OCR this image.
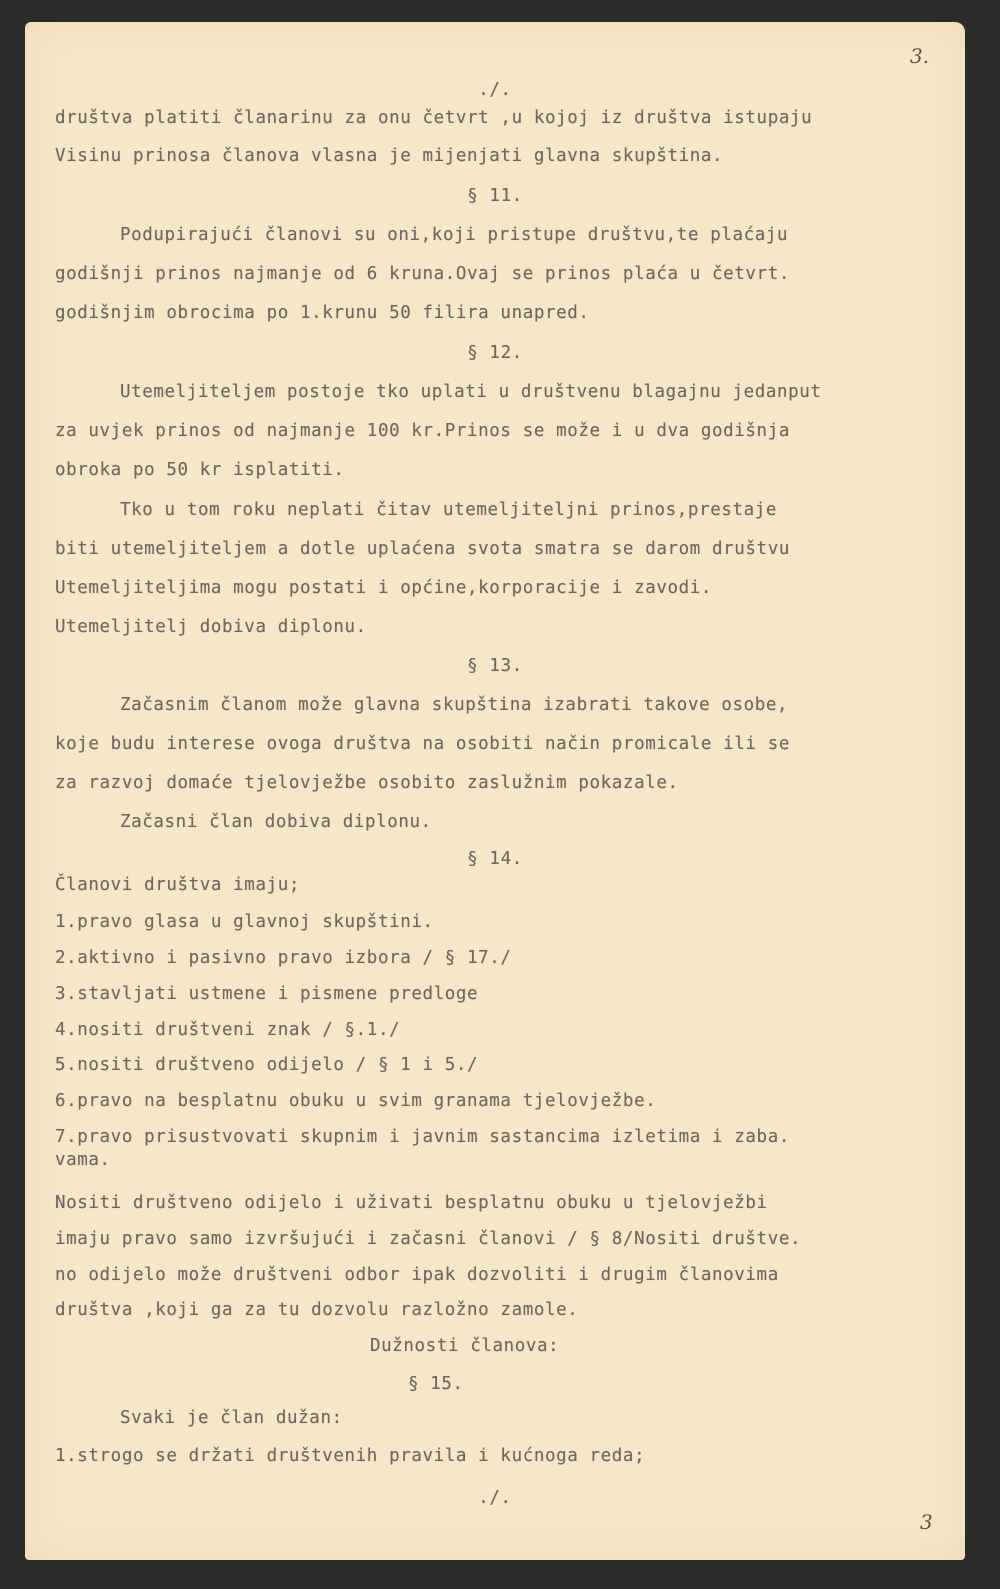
./.
3.
društva platiti članarinu za onu četvrt ,u kojoj iz društva istupaju
Visinu prinosa članova vlasna je mijenjati glavna skupština.
§ 11.
Podupirajući članovi su oni,koji pristupe društvu,te plaćaju
godišnji prinos najmanje od 6 kruna.Ovaj se prinos plaća u četvrt.
godišnjim obrocima po 1.krunu 50 filira unapred.
§ 12.
Utemeljiteljem postoje tko uplati u društvenu blagajnu jedanput
za uvjek prinos od najmanje 100 kr.Prinos se može i u dva godišnja
obroka po 50 kr isplatiti.
Tko u tom roku neplati čitav utemeljiteljni prinos,prestaje
biti utemeljiteljem a dotle uplaćena svota smatra se darom društvu
Utemeljiteljima mogu postati i općine,korporacije i zavodi.
Utemeljitelj dobiva diplonu.
§ 13.
Začasnim članom može glavna skupština izabrati takove osobe,
koje budu interese ovoga društva na osobiti način promicale ili se
za razvoj domaće tjelovježbe osobito zaslužnim pokazale.
Začasni član dobiva diplonu.
§ 14.
Članovi društva imaju;
1.pravo glasa u glavnoj skupštini.
2.aktivno i pasivno pravo izbora / § 17./
3.stavljati ustmene i pismene predloge
4.nositi društveni znak / §.1./
5.nositi društveno odijelo / § 1 i 5./
6.pravo na besplatnu obuku u svim granama tjelovježbe.
7.pravo prisustvovati skupnim i javnim sastancima izletima i zaba.
vama.
Nositi društveno odijelo i uživati besplatnu obuku u tjelovježbi
imaju pravo samo izvršujući i začasni članovi / § 8/Nositi društve.
no odijelo može društveni odbor ipak dozvoliti i drugim članovima
društva ,koji ga za tu dozvolu razložno zamole.
Dužnosti članova:
§ 15.
Svaki je član dužan:
1.strogo se držati društvenih pravila i kućnoga reda;
./.
3
